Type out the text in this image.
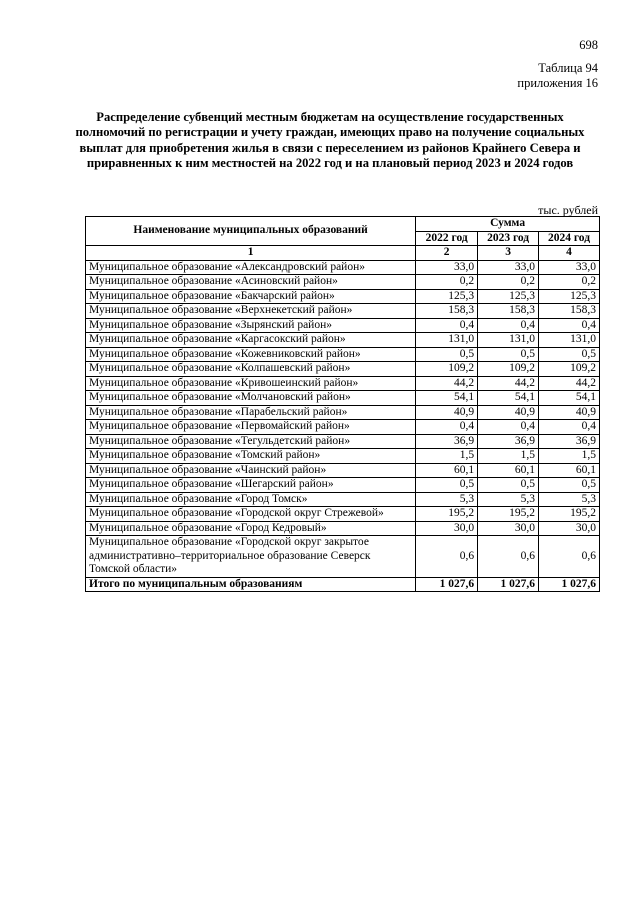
698
Таблица 94
приложения 16
Распределение субвенций местным бюджетам на осуществление государственных полномочий по регистрации и учету граждан, имеющих право на получение социальных выплат для приобретения жилья в связи с переселением из районов Крайнего Севера и приравненных к ним местностей на 2022 год и на плановый период 2023 и 2024 годов
тыс. рублей
Наименование муниципальных образований	Сумма		
	2022 год	2023 год	2024 год
1	2	3	4
Муниципальное образование «Александровский район»	33,0	33,0	33,0
Муниципальное образование «Асиновский район»	0,2	0,2	0,2
Муниципальное образование «Бакчарский район»	125,3	125,3	125,3
Муниципальное образование «Верхнекетский район»	158,3	158,3	158,3
Муниципальное образование «Зырянский район»	0,4	0,4	0,4
Муниципальное образование «Каргасокский район»	131,0	131,0	131,0
Муниципальное образование «Кожевниковский район»	0,5	0,5	0,5
Муниципальное образование «Колпашевский район»	109,2	109,2	109,2
Муниципальное образование «Кривошеинский район»	44,2	44,2	44,2
Муниципальное образование «Молчановский район»	54,1	54,1	54,1
Муниципальное образование «Парабельский район»	40,9	40,9	40,9
Муниципальное образование «Первомайский район»	0,4	0,4	0,4
Муниципальное образование «Тегульдетский район»	36,9	36,9	36,9
Муниципальное образование «Томский район»	1,5	1,5	1,5
Муниципальное образование «Чаинский район»	60,1	60,1	60,1
Муниципальное образование «Шегарский район»	0,5	0,5	0,5
Муниципальное образование «Город Томск»	5,3	5,3	5,3
Муниципальное образование «Городской округ Стрежевой»	195,2	195,2	195,2
Муниципальное образование «Город Кедровый»	30,0	30,0	30,0
Муниципальное образование «Городской округ закрытое административно–территориальное образование Северск Томской области»	0,6	0,6	0,6
Итого по муниципальным образованиям	1 027,6	1 027,6	1 027,6
